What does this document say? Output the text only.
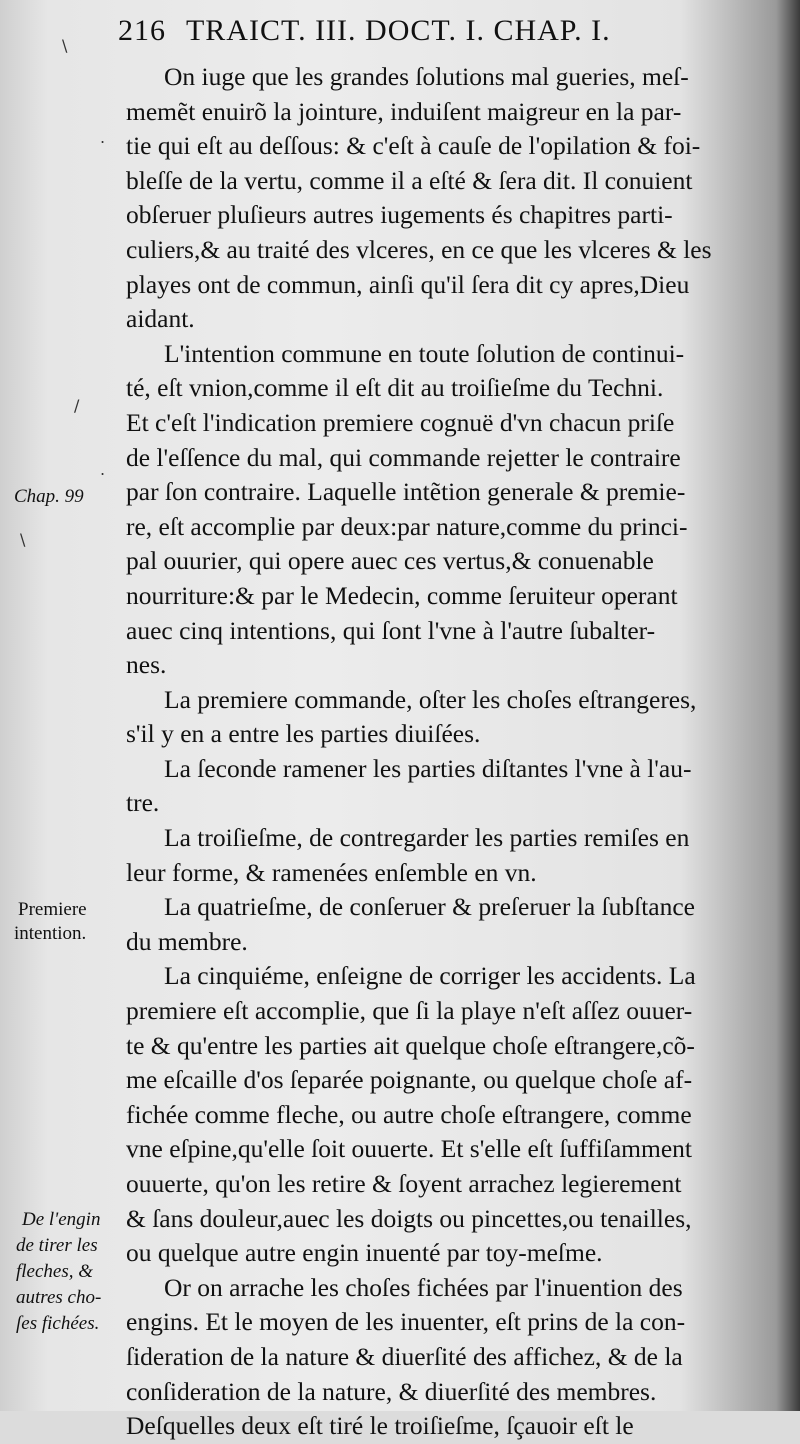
216 TRAICT. III. DOCT. I. CHAP. I.
On iuge que les grandes ſolutions mal gueries, meſ-
memẽt enuirõ la jointure, induiſent maigreur en la par-
tie qui eſt au deſſous: & c'eſt à cauſe de l'opilation & foi-
bleſſe de la vertu, comme il a eſté & ſera dit. Il conuient
obſeruer pluſieurs autres iugements és chapitres parti-
culiers,& au traité des vlceres, en ce que les vlceres & les
playes ont de commun, ainſi qu'il ſera dit cy apres,Dieu
aidant.
L'intention commune en toute ſolution de continui-
té, eſt vnion,comme il eſt dit au troiſieſme du Techni.
Et c'eſt l'indication premiere cognuë d'vn chacun priſe
de l'eſſence du mal, qui commande rejetter le contraire
par ſon contraire. Laquelle intẽtion generale & premie-
re, eſt accomplie par deux:par nature,comme du princi-
pal ouurier, qui opere auec ces vertus,& conuenable
nourriture:& par le Medecin, comme ſeruiteur operant
auec cinq intentions, qui ſont l'vne à l'autre ſubalter-
nes.
La premiere commande, oſter les choſes eſtrangeres,
s'il y en a entre les parties diuiſées.
La ſeconde ramener les parties diſtantes l'vne à l'au-
tre.
La troiſieſme, de contregarder les parties remiſes en
leur forme, & ramenées enſemble en vn.
La quatrieſme, de conſeruer & preſeruer la ſubſtance
du membre.
La cinquiéme, enſeigne de corriger les accidents. La
premiere eſt accomplie, que ſi la playe n'eſt aſſez ouuer-
te & qu'entre les parties ait quelque choſe eſtrangere,cõ-
me eſcaille d'os ſeparée poignante, ou quelque choſe af-
fichée comme fleche, ou autre choſe eſtrangere, comme
vne eſpine,qu'elle ſoit ouuerte. Et s'elle eſt ſuffiſamment
ouuerte, qu'on les retire & ſoyent arrachez legierement
& ſans douleur,auec les doigts ou pincettes,ou tenailles,
ou quelque autre engin inuenté par toy-meſme.
Or on arrache les choſes fichées par l'inuention des
engins. Et le moyen de les inuenter, eſt prins de la con-
ſideration de la nature & diuerſité des affichez, & de la
conſideration de la nature, & diuerſité des membres.
Deſquelles deux eſt tiré le troiſieſme, ſçauoir eſt le
Chap. 99
Premiere
intention.
De l'engin
de tirer les
fleches, &
autres cho-
ſes fichées.
\
.
.
/
\
